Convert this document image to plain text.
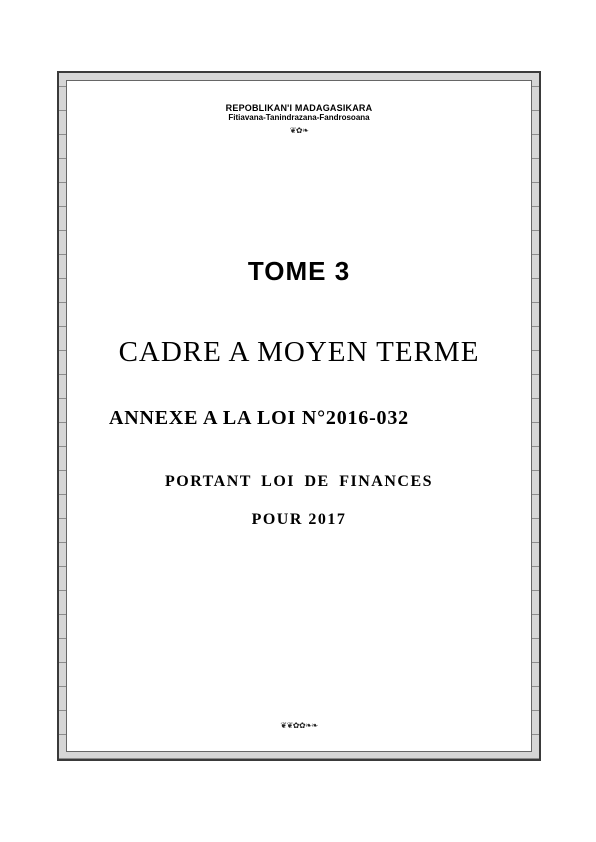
REPOBLIKAN'I MADAGASIKARA
Fitiavana-Tanindrazana-Fandrosoana
❦✿❧
TOME 3
CADRE A MOYEN TERME
ANNEXE A LA LOI N°2016-032
PORTANT LOI DE FINANCES
POUR 2017
❦❦✿✿❧❧
